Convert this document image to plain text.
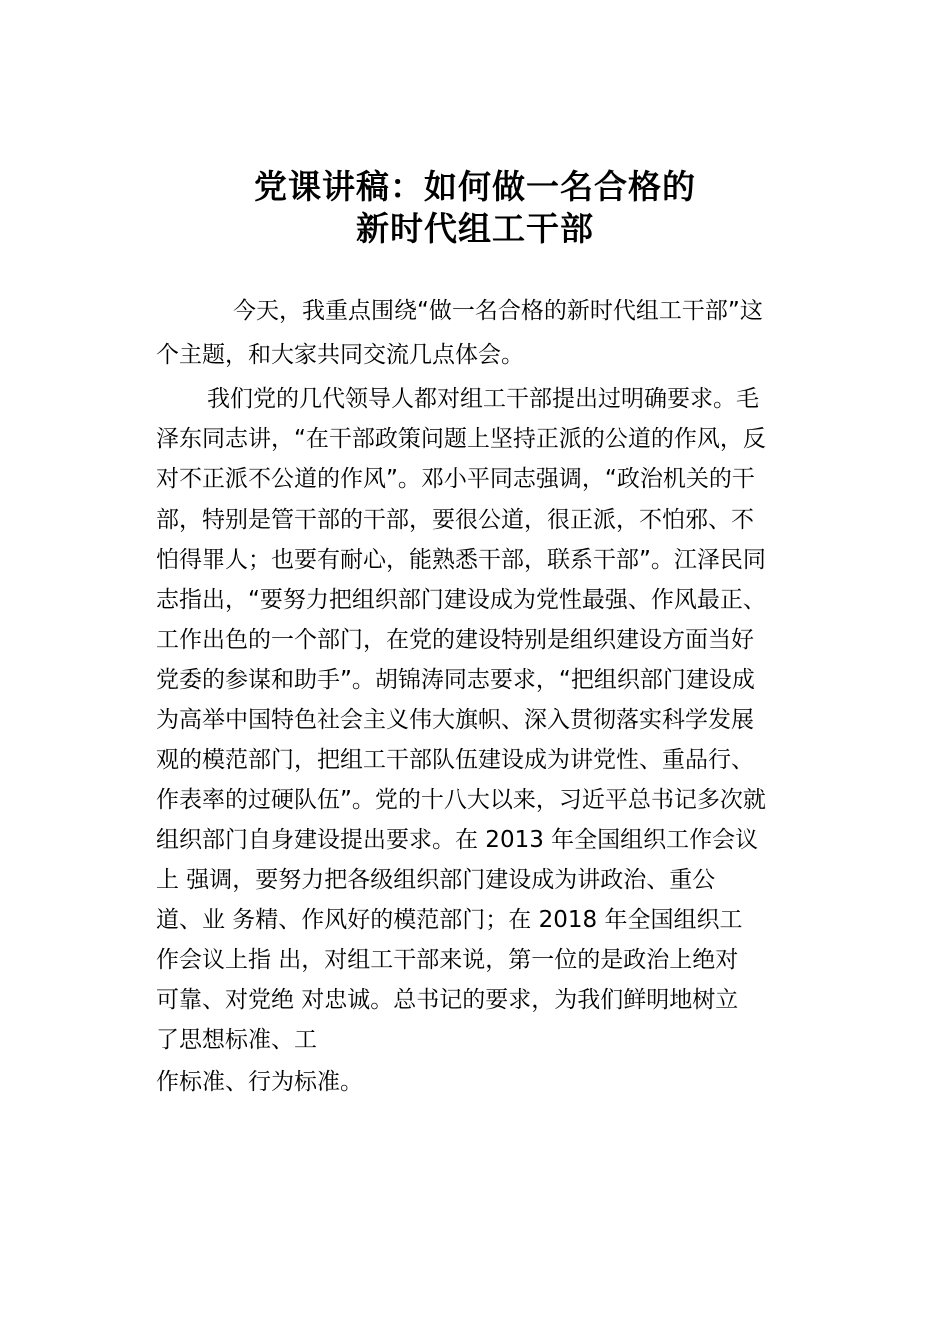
党课讲稿：如何做一名合格的
新时代组工干部
今天，我重点围绕“做一名合格的新时代组工干部”这
个主题，和大家共同交流几点体会。
我们党的几代领导人都对组工干部提出过明确要求。毛
泽东同志讲，“在干部政策问题上坚持正派的公道的作风，反
对不正派不公道的作风”。邓小平同志强调，“政治机关的干
部，特别是管干部的干部，要很公道，很正派，不怕邪、不
怕得罪人；也要有耐心，能熟悉干部，联系干部”。江泽民同
志指出，“要努力把组织部门建设成为党性最强、作风最正、
工作出色的一个部门，在党的建设特别是组织建设方面当好
党委的参谋和助手”。胡锦涛同志要求，“把组织部门建设成
为高举中国特色社会主义伟大旗帜、深入贯彻落实科学发展
观的模范部门，把组工干部队伍建设成为讲党性、重品行、
作表率的过硬队伍”。党的十八大以来，习近平总书记多次就
组织部门自身建设提出要求。在 2013 年全国组织工作会议
上 强调，要努力把各级组织部门建设成为讲政治、重公
道、业 务精、作风好的模范部门；在 2018 年全国组织工
作会议上指 出，对组工干部来说，第一位的是政治上绝对
可靠、对党绝 对忠诚。总书记的要求，为我们鲜明地树立
了思想标准、工
作标准、行为标准。
